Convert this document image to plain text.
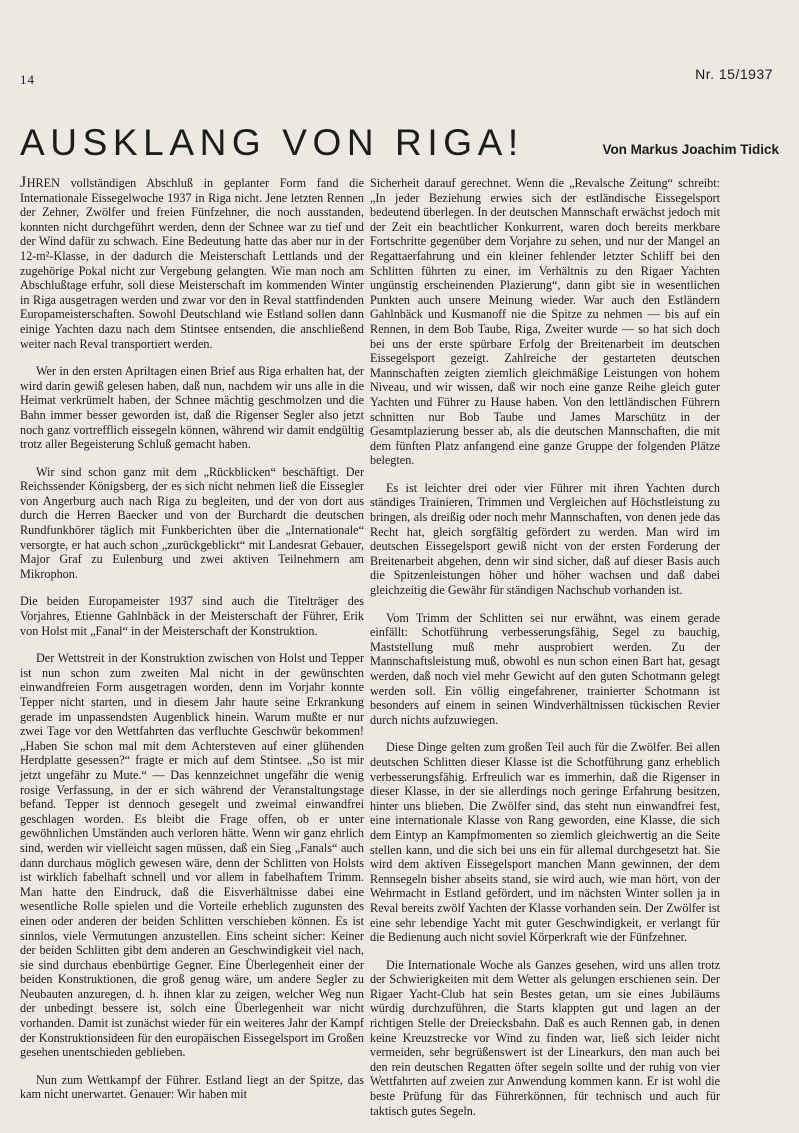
14	Nr. 15/1937
AUSKLANG VON RIGA!	Von Markus Joachim Tidick

JHREN vollständigen Abschluß in geplanter Form fand die Internationale Eissegelwoche 1937 in Riga nicht. Jene letzten Rennen der Zehner, Zwölfer und freien Fünfzehner, die noch ausstanden, konnten nicht durchgeführt werden, denn der Schnee war zu tief und der Wind dafür zu schwach. Eine Bedeutung hatte das aber nur in der 12-m²-Klasse, in der dadurch die Meisterschaft Lettlands und der zugehörige Pokal nicht zur Vergebung gelangten. Wie man noch am Abschlußtage erfuhr, soll diese Meisterschaft im kommenden Winter in Riga ausgetragen werden und zwar vor den in Reval stattfindenden Europameisterschaften. Sowohl Deutschland wie Estland sollen dann einige Yachten dazu nach dem Stintsee entsenden, die anschließend weiter nach Reval transportiert werden.

Wer in den ersten Apriltagen einen Brief aus Riga erhalten hat, der wird darin gewiß gelesen haben, daß nun, nachdem wir uns alle in die Heimat verkrümelt haben, der Schnee mächtig geschmolzen und die Bahn immer besser geworden ist, daß die Rigenser Segler also jetzt noch ganz vortrefflich eissegeln können, während wir damit endgültig trotz aller Begeisterung Schluß gemacht haben.

Wir sind schon ganz mit dem „Rückblicken“ beschäftigt. Der Reichssender Königsberg, der es sich nicht nehmen ließ die Eissegler von Angerburg auch nach Riga zu begleiten, und der von dort aus durch die Herren Baecker und von der Burchardt die deutschen Rundfunkhörer täglich mit Funkberichten über die „Internationale“ versorgte, er hat auch schon „zurückgeblickt“ mit Landesrat Gebauer, Major Graf zu Eulenburg und zwei aktiven Teilnehmern am Mikrophon.

Die beiden Europameister 1937 sind auch die Titelträger des Vorjahres, Etienne Gahlnbäck in der Meisterschaft der Führer, Erik von Holst mit „Fanal“ in der Meisterschaft der Konstruktion.

Der Wettstreit in der Konstruktion zwischen von Holst und Tepper ist nun schon zum zweiten Mal nicht in der gewünschten einwandfreien Form ausgetragen worden, denn im Vorjahr konnte Tepper nicht starten, und in diesem Jahr haute seine Erkrankung gerade im unpassendsten Augenblick hinein. Warum mußte er nur zwei Tage vor den Wettfahrten das verfluchte Geschwür bekommen! „Haben Sie schon mal mit dem Achtersteven auf einer glühenden Herdplatte gesessen?“ fragte er mich auf dem Stintsee. „So ist mir jetzt ungefähr zu Mute.“ — Das kennzeichnet ungefähr die wenig rosige Verfassung, in der er sich während der Veranstaltungstage befand. Tepper ist dennoch gesegelt und zweimal einwandfrei geschlagen worden. Es bleibt die Frage offen, ob er unter gewöhnlichen Umständen auch verloren hätte. Wenn wir ganz ehrlich sind, werden wir vielleicht sagen müssen, daß ein Sieg „Fanals“ auch dann durchaus möglich gewesen wäre, denn der Schlitten von Holsts ist wirklich fabelhaft schnell und vor allem in fabelhaftem Trimm. Man hatte den Eindruck, daß die Eisverhältnisse dabei eine wesentliche Rolle spielen und die Vorteile erheblich zugunsten des einen oder anderen der beiden Schlitten verschieben können. Es ist sinnlos, viele Vermutungen anzustellen. Eins scheint sicher: Keiner der beiden Schlitten gibt dem anderen an Geschwindigkeit viel nach, sie sind durchaus ebenbürtige Gegner. Eine Überlegenheit einer der beiden Konstruktionen, die groß genug wäre, um andere Segler zu Neubauten anzuregen, d. h. ihnen klar zu zeigen, welcher Weg nun der unbedingt bessere ist, solch eine Überlegenheit war nicht vorhanden. Damit ist zunächst wieder für ein weiteres Jahr der Kampf der Konstruktionsideen für den europäischen Eissegelsport im Großen gesehen unentschieden geblieben.

Nun zum Wettkampf der Führer. Estland liegt an der Spitze, das kam nicht unerwartet. Genauer: Wir haben mit

Sicherheit darauf gerechnet. Wenn die „Revalsche Zeitung“ schreibt: „In jeder Beziehung erwies sich der estländische Eissegelsport bedeutend überlegen. In der deutschen Mannschaft erwächst jedoch mit der Zeit ein beachtlicher Konkurrent, waren doch bereits merkbare Fortschritte gegenüber dem Vorjahre zu sehen, und nur der Mangel an Regattaerfahrung und ein kleiner fehlender letzter Schliff bei den Schlitten führten zu einer, im Verhältnis zu den Rigaer Yachten ungünstig erscheinenden Plazierung“, dann gibt sie in wesentlichen Punkten auch unsere Meinung wieder. War auch den Estländern Gahlnbäck und Kusmanoff nie die Spitze zu nehmen — bis auf ein Rennen, in dem Bob Taube, Riga, Zweiter wurde — so hat sich doch bei uns der erste spürbare Erfolg der Breitenarbeit im deutschen Eissegelsport gezeigt. Zahlreiche der gestarteten deutschen Mannschaften zeigten ziemlich gleichmäßige Leistungen von hohem Niveau, und wir wissen, daß wir noch eine ganze Reihe gleich guter Yachten und Führer zu Hause haben. Von den lettländischen Führern schnitten nur Bob Taube und James Marschütz in der Gesamtplazierung besser ab, als die deutschen Mannschaften, die mit dem fünften Platz anfangend eine ganze Gruppe der folgenden Plätze belegten.

Es ist leichter drei oder vier Führer mit ihren Yachten durch ständiges Trainieren, Trimmen und Vergleichen auf Höchstleistung zu bringen, als dreißig oder noch mehr Mannschaften, von denen jede das Recht hat, gleich sorgfältig gefördert zu werden. Man wird im deutschen Eissegelsport gewiß nicht von der ersten Forderung der Breitenarbeit abgehen, denn wir sind sicher, daß auf dieser Basis auch die Spitzenleistungen höher und höher wachsen und daß dabei gleichzeitig die Gewähr für ständigen Nachschub vorhanden ist.

Vom Trimm der Schlitten sei nur erwähnt, was einem gerade einfällt: Schotführung verbesserungsfähig, Segel zu bauchig, Maststellung muß mehr ausprobiert werden. Zu der Mannschaftsleistung muß, obwohl es nun schon einen Bart hat, gesagt werden, daß noch viel mehr Gewicht auf den guten Schotmann gelegt werden soll. Ein völlig eingefahrener, trainierter Schotmann ist besonders auf einem in seinen Windverhältnissen tückischen Revier durch nichts aufzuwiegen.

Diese Dinge gelten zum großen Teil auch für die Zwölfer. Bei allen deutschen Schlitten dieser Klasse ist die Schotführung ganz erheblich verbesserungsfähig. Erfreulich war es immerhin, daß die Rigenser in dieser Klasse, in der sie allerdings noch geringe Erfahrung besitzen, hinter uns blieben. Die Zwölfer sind, das steht nun einwandfrei fest, eine internationale Klasse von Rang geworden, eine Klasse, die sich dem Eintyp an Kampfmomenten so ziemlich gleichwertig an die Seite stellen kann, und die sich bei uns ein für allemal durchgesetzt hat. Sie wird dem aktiven Eissegelsport manchen Mann gewinnen, der dem Rennsegeln bisher abseits stand, sie wird auch, wie man hört, von der Wehrmacht in Estland gefördert, und im nächsten Winter sollen ja in Reval bereits zwölf Yachten der Klasse vorhanden sein. Der Zwölfer ist eine sehr lebendige Yacht mit guter Geschwindigkeit, er verlangt für die Bedienung auch nicht soviel Körperkraft wie der Fünfzehner.

Die Internationale Woche als Ganzes gesehen, wird uns allen trotz der Schwierigkeiten mit dem Wetter als gelungen erschienen sein. Der Rigaer Yacht-Club hat sein Bestes getan, um sie eines Jubiläums würdig durchzuführen, die Starts klappten gut und lagen an der richtigen Stelle der Dreiecksbahn. Daß es auch Rennen gab, in denen keine Kreuzstrecke vor Wind zu finden war, ließ sich leider nicht vermeiden, sehr begrüßenswert ist der Linearkurs, den man auch bei den rein deutschen Regatten öfter segeln sollte und der ruhig von vier Wettfahrten auf zweien zur Anwendung kommen kann. Er ist wohl die beste Prüfung für das Führerkönnen, für technisch und auch für taktisch gutes Segeln.
